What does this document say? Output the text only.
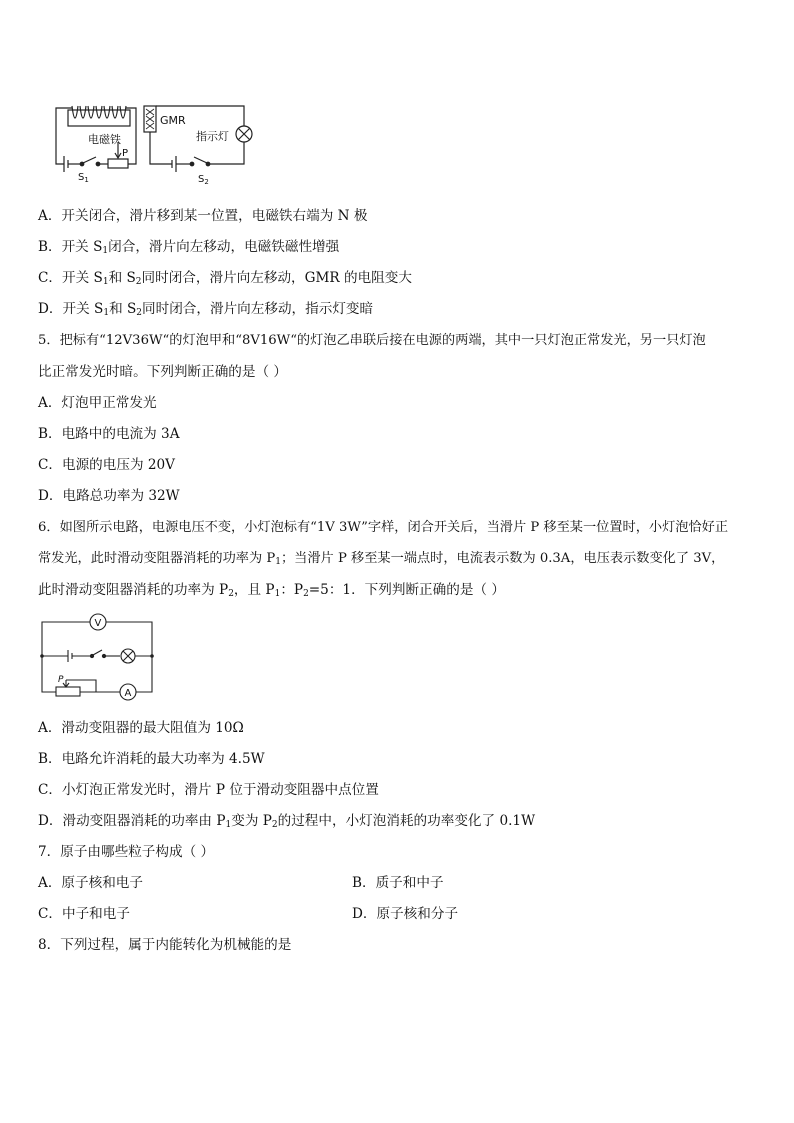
GMR
电磁铁
P
指示灯
$S_1$	$S_2$
A．开关闭合，滑片移到某一位置，电磁铁右端为 N 极
B．开关 $S_1$闭合，滑片向左移动，电磁铁磁性增强
C．开关 $S_1$和 $S_2$同时闭合，滑片向左移动，GMR 的电阻变大
D．开关 $S_1$和 $S_2$同时闭合，滑片向左移动，指示灯变暗
5．把标有“12V36W“的灯泡甲和“8V16W“的灯泡乙串联后接在电源的两端，其中一只灯泡正常发光，另一只灯泡
比正常发光时暗。下列判断正确的是（ ）
A．灯泡甲正常发光
B．电路中的电流为 3A
C．电源的电压为 20V
D．电路总功率为 32W
6．如图所示电路，电源电压不变，小灯泡标有“1V 3W”字样，闭合开关后，当滑片 P 移至某一位置时，小灯泡恰好正
常发光，此时滑动变阻器消耗的功率为 $P_1$；当滑片 P 移至某一端点时，电流表示数为 0.3A，电压表示数变化了 3V，
此时滑动变阻器消耗的功率为 $P_2$，且 $P_1$：$P_2=5$：1．下列判断正确的是（ ）
V
A
P
A．滑动变阻器的最大阻值为 10Ω
B．电路允许消耗的最大功率为 4.5W
C．小灯泡正常发光时，滑片 P 位于滑动变阻器中点位置
D．滑动变阻器消耗的功率由 $P_1$变为 $P_2$的过程中，小灯泡消耗的功率变化了 0.1W
7．原子由哪些粒子构成（ ）
A．原子核和电子	B．质子和中子
C．中子和电子	D．原子核和分子
8．下列过程，属于内能转化为机械能的是
